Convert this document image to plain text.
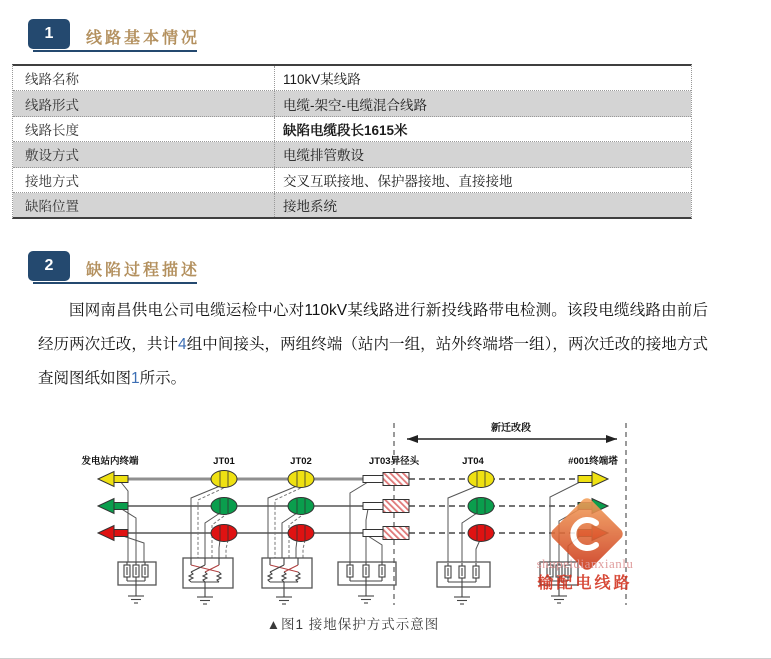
1	线路基本情况
线路名称	110kV某线路
线路形式	电缆-架空-电缆混合线路
线路长度	缺陷电缆段长1615米
敷设方式	电缆排管敷设
接地方式	交叉互联接地、保护器接地、直接接地
缺陷位置	接地系统
2	缺陷过程描述
国网南昌供电公司电缆运检中心对110kV某线路进行新投线路带电检测。该段电缆线路由前后经历两次迁改，共计4组中间接头，两组终端（站内一组，站外终端塔一组），两次迁改的接地方式查阅图纸如图1所示。
新迁改段
发电站内终端	JT01	JT02	JT03异径头	JT04	#001终端塔
shupeidianxianlu
输配电线路
▲图1 接地保护方式示意图
